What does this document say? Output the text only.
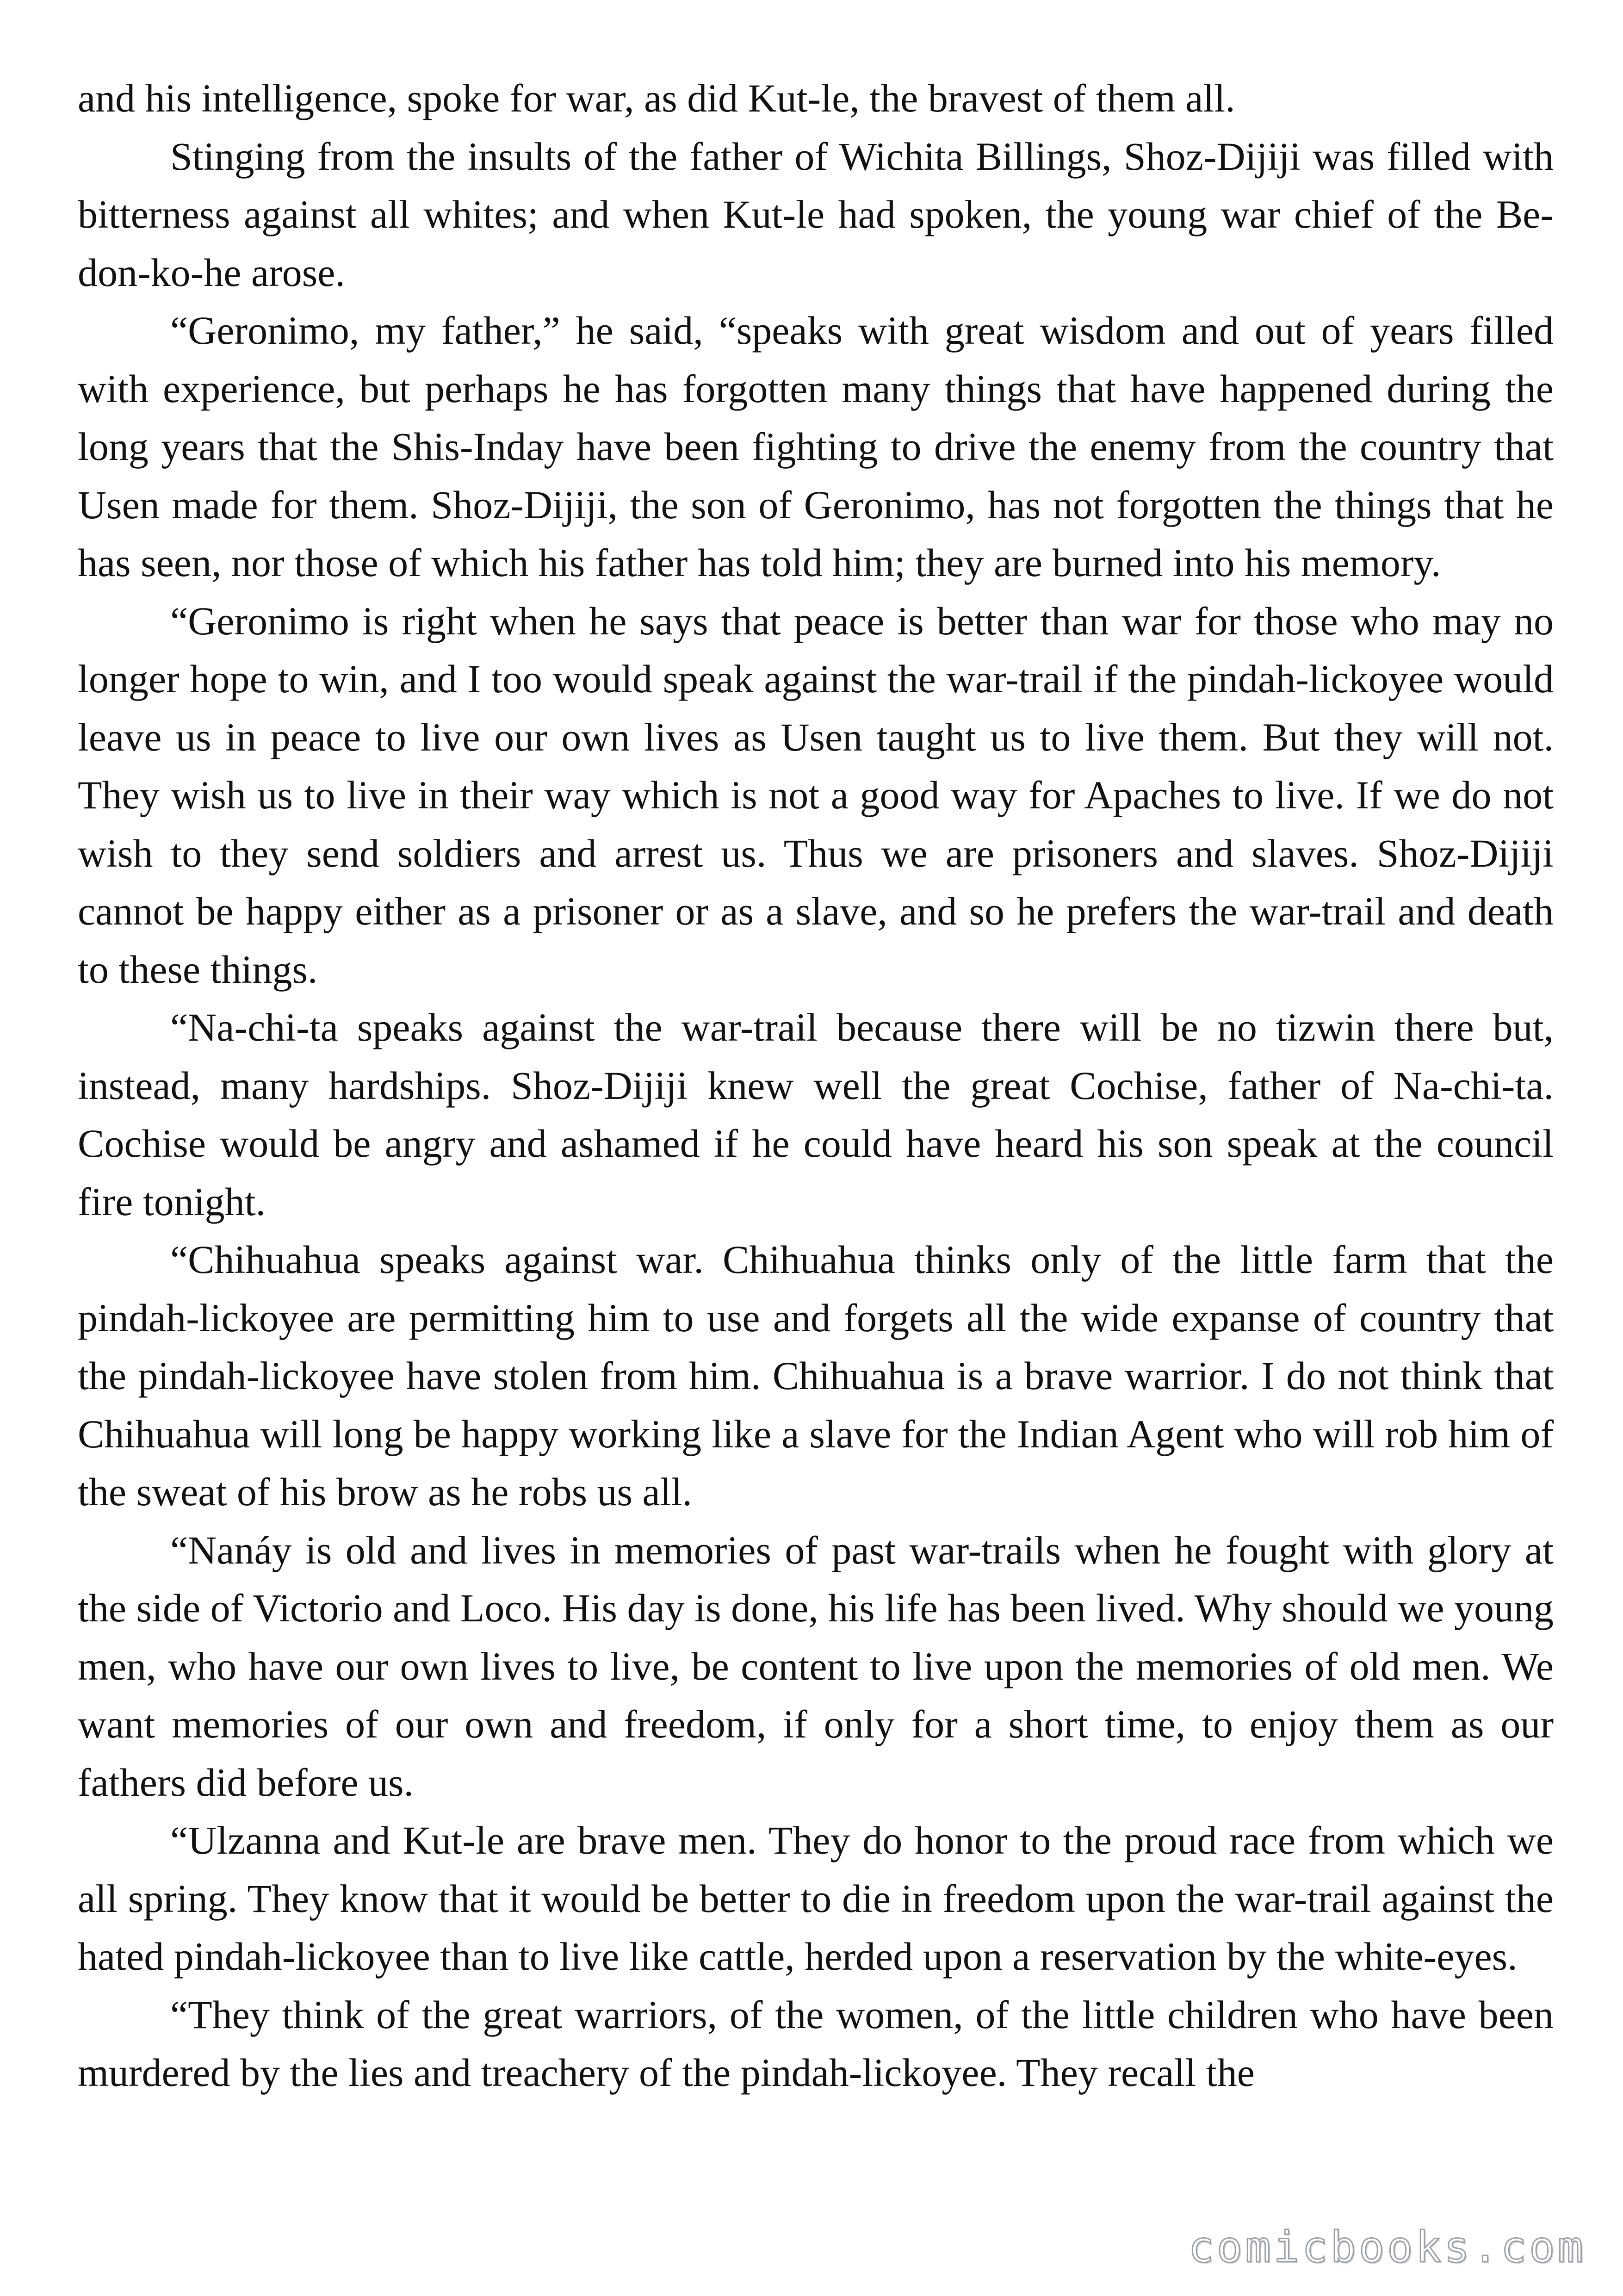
and his intelligence, spoke for war, as did Kut-le, the bravest of them all.

Stinging from the insults of the father of Wichita Billings, Shoz-Dijiji was filled with bitterness against all whites; and when Kut-le had spoken, the young war chief of the Be-don-ko-he arose.

“Geronimo, my father,” he said, “speaks with great wisdom and out of years filled with experience, but perhaps he has forgotten many things that have happened during the long years that the Shis-Inday have been fighting to drive the enemy from the country that Usen made for them. Shoz-Dijiji, the son of Geronimo, has not forgotten the things that he has seen, nor those of which his father has told him; they are burned into his memory.

“Geronimo is right when he says that peace is better than war for those who may no longer hope to win, and I too would speak against the war-trail if the pindah-lickoyee would leave us in peace to live our own lives as Usen taught us to live them. But they will not. They wish us to live in their way which is not a good way for Apaches to live. If we do not wish to they send soldiers and arrest us. Thus we are prisoners and slaves. Shoz-Dijiji cannot be happy either as a prisoner or as a slave, and so he prefers the war-trail and death to these things.

“Na-chi-ta speaks against the war-trail because there will be no tizwin there but, instead, many hardships. Shoz-Dijiji knew well the great Cochise, father of Na-chi-ta. Cochise would be angry and ashamed if he could have heard his son speak at the council fire tonight.

“Chihuahua speaks against war. Chihuahua thinks only of the little farm that the pindah-lickoyee are permitting him to use and forgets all the wide expanse of country that the pindah-lickoyee have stolen from him. Chihuahua is a brave warrior. I do not think that Chihuahua will long be happy working like a slave for the Indian Agent who will rob him of the sweat of his brow as he robs us all.

“Nanáy is old and lives in memories of past war-trails when he fought with glory at the side of Victorio and Loco. His day is done, his life has been lived. Why should we young men, who have our own lives to live, be content to live upon the memories of old men. We want memories of our own and freedom, if only for a short time, to enjoy them as our fathers did before us.

“Ulzanna and Kut-le are brave men. They do honor to the proud race from which we all spring. They know that it would be better to die in freedom upon the war-trail against the hated pindah-lickoyee than to live like cattle, herded upon a reservation by the white-eyes.

“They think of the great warriors, of the women, of the little children who have been murdered by the lies and treachery of the pindah-lickoyee. They recall the

comicbooks.com
